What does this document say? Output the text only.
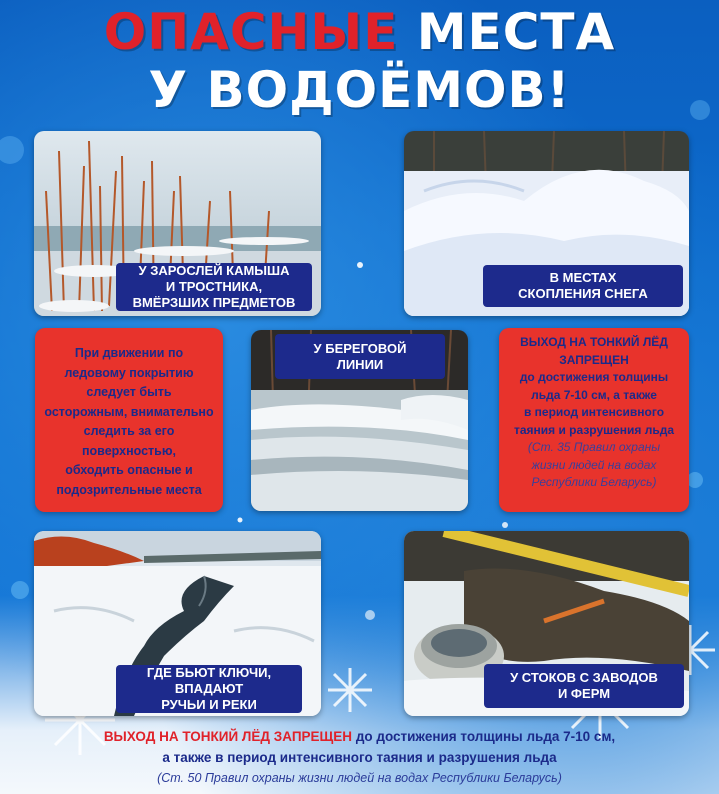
ОПАСНЫЕ МЕСТА
У ВОДОЁМОВ!
У ЗАРОСЛЕЙ КАМЫША
И ТРОСТНИКА,
ВМЁРЗШИХ ПРЕДМЕТОВ
В МЕСТАХ
СКОПЛЕНИЯ СНЕГА

При движении по

ледовому покрытию

следует быть

осторожным, внимательно

следить за его

поверхностью,

обходить опасные и

подозрительные места

У БЕРЕГОВОЙ
ЛИНИИ

ВЫХОД НА ТОНКИЙ ЛЁД

ЗАПРЕЩЕН

до достижения толщины

льда 7-10 см, а также

в период интенсивного

таяния и разрушения льда

(Ст. 35 Правил охраны

жизни людей на водах

Республики Беларусь)

ГДЕ БЬЮТ КЛЮЧИ,
ВПАДАЮТ
РУЧЬИ И РЕКИ
У СТОКОВ С ЗАВОДОВ
И ФЕРМ
ВЫХОД НА ТОНКИЙ ЛЁД ЗАПРЕЩЕН до достижения толщины льда 7-10 см,
а также в период интенсивного таяния и разрушения льда
(Ст. 50 Правил охраны жизни людей на водах Республики Беларусь)
